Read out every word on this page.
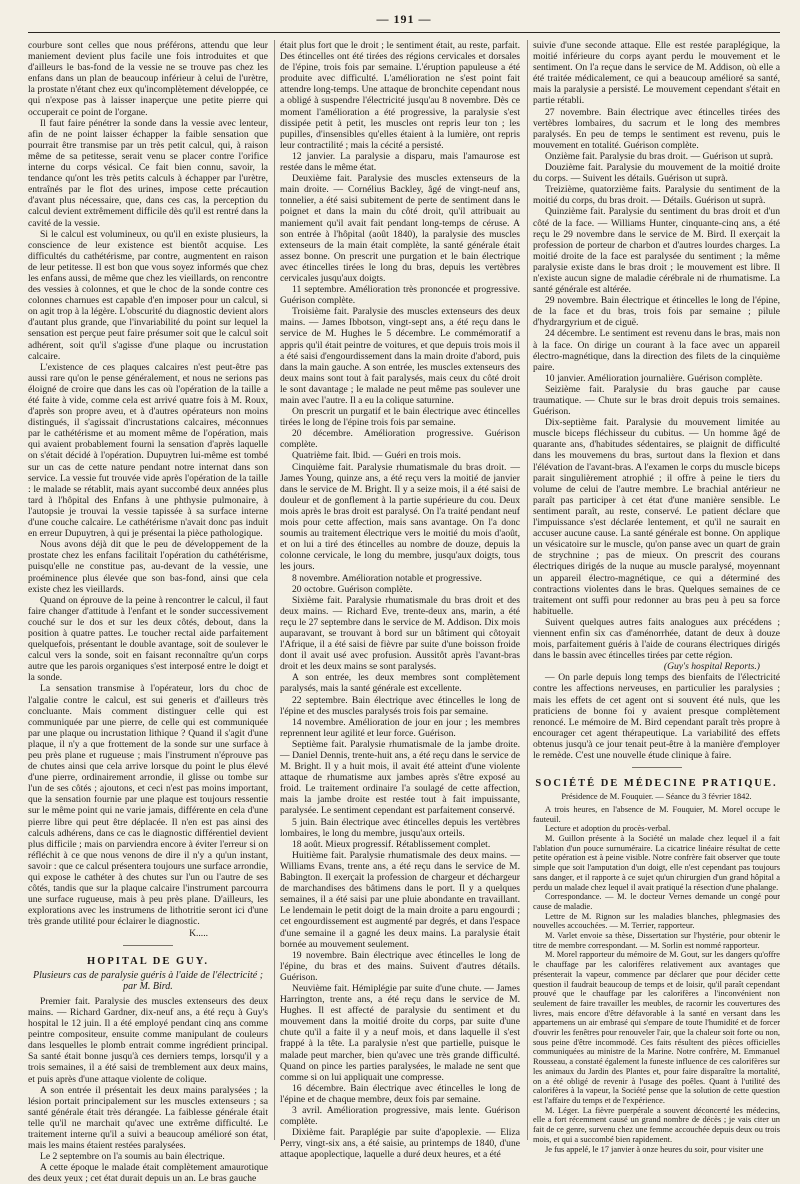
— 191 —

courbure sont celles que nous préférons, attendu que leur maniement devient plus facile une fois introduites et que d'ailleurs le bas-fond de la vessie ne se trouve pas chez les enfans dans un plan de beaucoup inférieur à celui de l'urètre, la prostate n'étant chez eux qu'incomplètement développée, ce qui n'expose pas à laisser inaperçue une petite pierre qui occuperait ce point de l'organe.

Il faut faire pénétrer la sonde dans la vessie avec lenteur, afin de ne point laisser échapper la faible sensation que pourrait être transmise par un très petit calcul, qui, à raison même de sa petitesse, serait venu se placer contre l'orifice interne du corps vésical. Ce fait bien connu, savoir, la tendance qu'ont les très petits calculs à échapper par l'urètre, entraînés par le flot des urines, impose cette précaution d'avant plus nécessaire, que, dans ces cas, la perception du calcul devient extrêmement difficile dès qu'il est rentré dans la cavité de la vessie.

Si le calcul est volumineux, ou qu'il en existe plusieurs, la conscience de leur existence est bientôt acquise. Les difficultés du cathétérisme, par contre, augmentent en raison de leur petitesse. Il est bon que vous soyez informés que chez les enfans aussi, de même que chez les vieillards, on rencontre des vessies à colonnes, et que le choc de la sonde contre ces colonnes charnues est capable d'en imposer pour un calcul, si on agit trop à la légère. L'obscurité du diagnostic devient alors d'autant plus grande, que l'invariabilité du point sur lequel la sensation est perçue peut faire présumer soit que le calcul soit adhérent, soit qu'il s'agisse d'une plaque ou incrustation calcaire.

L'existence de ces plaques calcaires n'est peut-être pas aussi rare qu'on le pense généralement, et nous ne serions pas éloigné de croire que dans les cas où l'opération de la taille a été faite à vide, comme cela est arrivé quatre fois à M. Roux, d'après son propre aveu, et à d'autres opérateurs non moins distingués, il s'agissait d'incrustations calcaires, méconnues par le cathétérisme et au moment même de l'opération, mais qui avaient probablement fourni la sensation d'après laquelle on s'était décidé à l'opération. Dupuytren lui-même est tombé sur un cas de cette nature pendant notre internat dans son service. La vessie fut trouvée vide après l'opération de la taille : le malade se rétablit, mais ayant succombé deux années plus tard à l'hôpital des Enfans à une phthysie pulmonaire, à l'autopsie je trouvai la vessie tapissée à sa surface interne d'une couche calcaire. Le cathétérisme n'avait donc pas induit en erreur Dupuytren, à qui je présentai la pièce pathologique.

Nous avons déjà dit que le peu de développement de la prostate chez les enfans facilitait l'opération du cathétérisme, puisqu'elle ne constitue pas, au-devant de la vessie, une proéminence plus élevée que son bas-fond, ainsi que cela existe chez les vieillards.

Quand on éprouve de la peine à rencontrer le calcul, il faut faire changer d'attitude à l'enfant et le sonder successivement couché sur le dos et sur les deux côtés, debout, dans la position à quatre pattes. Le toucher rectal aide parfaitement quelquefois, présentant le double avantage, soit de soulever le calcul vers la sonde, soit en faisant reconnaître qu'un corps autre que les parois organiques s'est interposé entre le doigt et la sonde.

La sensation transmise à l'opérateur, lors du choc de l'algalie contre le calcul, est sui generis et d'ailleurs très concluante. Mais comment distinguer celle qui est communiquée par une pierre, de celle qui est communiquée par une plaque ou incrustation lithique ? Quand il s'agit d'une plaque, il n'y a que frottement de la sonde sur une surface à peu près plane et rugueuse ; mais l'instrument n'éprouve pas de chutes ainsi que cela arrive lorsque du point le plus élevé d'une pierre, ordinairement arrondie, il glisse ou tombe sur l'un de ses côtés ; ajoutons, et ceci n'est pas moins important, que la sensation fournie par une plaque est toujours ressentie sur le même point qui ne varie jamais, différente en cela d'une pierre libre qui peut être déplacée. Il n'en est pas ainsi des calculs adhérens, dans ce cas le diagnostic différentiel devient plus difficile ; mais on parviendra encore à éviter l'erreur si on réfléchit à ce que nous venons de dire il n'y a qu'un instant, savoir : que ce calcul présentera toujours une surface arrondie, qui expose le cathéter à des chutes sur l'un ou l'autre de ses côtés, tandis que sur la plaque calcaire l'instrument parcourra une surface rugueuse, mais à peu près plane. D'ailleurs, les explorations avec les instrumens de lithotritie seront ici d'une très grande utilité pour éclairer le diagnostic.

K.....

HOPITAL DE GUY.

Plusieurs cas de paralysie guéris à l'aide de l'électricité ; par M. Bird.

Premier fait. Paralysie des muscles extenseurs des deux mains. — Richard Gardner, dix-neuf ans, a été reçu à Guy's hospital le 12 juin. Il a été employé pendant cinq ans comme peintre compositeur, ensuite comme manipulant de couleurs dans lesquelles le plomb entrait comme ingrédient principal. Sa santé était bonne jusqu'à ces derniers temps, lorsqu'il y a trois semaines, il a été saisi de tremblement aux deux mains, et puis après d'une attaque violente de colique.

A son entrée il présentait les deux mains paralysées ; la lésion portait principalement sur les muscles extenseurs ; sa santé générale était très dérangée. La faiblesse générale était telle qu'il ne marchait qu'avec une extrême difficulté. Le traitement interne qu'il a suivi a beaucoup amélioré son état, mais les mains étaient restées paralysées.

Le 2 septembre on l'a soumis au bain électrique.

A cette époque le malade était complètement amaurotique des deux yeux ; cet état durait depuis un an. Le bras gauche

était plus fort que le droit ; le sentiment était, au reste, parfait. Des étincelles ont été tirées des régions cervicales et dorsales de l'épine, trois fois par semaine. L'éruption papuleuse a été produite avec difficulté. L'amélioration ne s'est point fait attendre long-temps. Une attaque de bronchite cependant nous a obligé à suspendre l'électricité jusqu'au 8 novembre. Dès ce moment l'amélioration a été progressive, la paralysie s'est dissipée petit à petit, les muscles ont repris leur ton ; les pupilles, d'insensibles qu'elles étaient à la lumière, ont repris leur contractilité ; mais la cécité a persisté.

12 janvier. La paralysie a disparu, mais l'amaurose est restée dans le même état.

Deuxième fait. Paralysie des muscles extenseurs de la main droite. — Cornélius Backley, âgé de vingt-neuf ans, tonnelier, a été saisi subitement de perte de sentiment dans le poignet et dans la main du côté droit, qu'il attribuait au maniement qu'il avait fait pendant long-temps de céruse. A son entrée à l'hôpital (août 1840), la paralysie des muscles extenseurs de la main était complète, la santé générale était assez bonne. On prescrit une purgation et le bain électrique avec étincelles tirées le long du bras, depuis les vertèbres cervicales jusqu'aux doigts.

11 septembre. Amélioration très prononcée et progressive. Guérison complète.

Troisième fait. Paralysie des muscles extenseurs des deux mains. — James Ibbotson, vingt-sept ans, a été reçu dans le service de M. Hughes le 5 décembre. Le commémoratif a appris qu'il était peintre de voitures, et que depuis trois mois il a été saisi d'engourdissement dans la main droite d'abord, puis dans la main gauche. A son entrée, les muscles extenseurs des deux mains sont tout à fait paralysés, mais ceux du côté droit le sont davantage ; le malade ne peut même pas soulever une main avec l'autre. Il a eu la colique saturnine.

On prescrit un purgatif et le bain électrique avec étincelles tirées le long de l'épine trois fois par semaine.

20 décembre. Amélioration progressive. Guérison complète.

Quatrième fait. Ibid. — Guéri en trois mois.

Cinquième fait. Paralysie rhumatismale du bras droit. — James Young, quinze ans, a été reçu vers la moitié de janvier dans le service de M. Bright. Il y a seize mois, il a été saisi de douleur et de gonflement à la partie supérieure du cou. Deux mois après le bras droit est paralysé. On l'a traité pendant neuf mois pour cette affection, mais sans avantage. On l'a donc soumis au traitement électrique vers le moitié du mois d'août, et on lui a tiré des étincelles au nombre de douze, depuis la colonne cervicale, le long du membre, jusqu'aux doigts, tous les jours.

8 novembre. Amélioration notable et progressive.

20 octobre. Guérison complète.

Sixième fait. Paralysie rhumatismale du bras droit et des deux mains. — Richard Eve, trente-deux ans, marin, a été reçu le 27 septembre dans le service de M. Addison. Dix mois auparavant, se trouvant à bord sur un bâtiment qui côtoyait l'Afrique, il a été saisi de fièvre par suite d'une boisson froide dont il avait usé avec profusion. Aussitôt après l'avant-bras droit et les deux mains se sont paralysés.

A son entrée, les deux membres sont complètement paralysés, mais la santé générale est excellente.

22 septembre. Bain électrique avec étincelles le long de l'épine et des muscles paralysés trois fois par semaine.

14 novembre. Amélioration de jour en jour ; les membres reprennent leur agilité et leur force. Guérison.

Septième fait. Paralysie rhumatismale de la jambe droite. — Daniel Dennis, trente-huit ans, a été reçu dans le service de M. Bright. Il y a huit mois, il avait été atteint d'une violente attaque de rhumatisme aux jambes après s'être exposé au froid. Le traitement ordinaire l'a soulagé de cette affection, mais la jambe droite est restée tout à fait impuissante, paralysée. Le sentiment cependant est parfaitement conservé.

5 juin. Bain électrique avec étincelles depuis les vertèbres lombaires, le long du membre, jusqu'aux orteils.

18 août. Mieux progressif. Rétablissement complet.

Huitième fait. Paralysie rhumatismale des deux mains. — Williams Evans, trente ans, a été reçu dans le service de M. Babington. Il exerçait la profession de chargeur et déchargeur de marchandises des bâtimens dans le port. Il y a quelques semaines, il a été saisi par une pluie abondante en travaillant. Le lendemain le petit doigt de la main droite a paru engourdi ; cet engourdissement est augmenté par degrés, et dans l'espace d'une semaine il a gagné les deux mains. La paralysie était bornée au mouvement seulement.

19 novembre. Bain électrique avec étincelles le long de l'épine, du bras et des mains. Suivent d'autres détails. Guérison.

Neuvième fait. Hémiplégie par suite d'une chute. — James Harrington, trente ans, a été reçu dans le service de M. Hughes. Il est affecté de paralysie du sentiment et du mouvement dans la moitié droite du corps, par suite d'une chute qu'il a faite il y a neuf mois, et dans laquelle il s'est frappé à la tête. La paralysie n'est que partielle, puisque le malade peut marcher, bien qu'avec une très grande difficulté. Quand on pince les parties paralysées, le malade ne sent que comme si on lui appliquait une compresse.

16 décembre. Bain électrique avec étincelles le long de l'épine et de chaque membre, deux fois par semaine.

3 avril. Amélioration progressive, mais lente. Guérison complète.

Dixième fait. Paraplégie par suite d'apoplexie. — Eliza Perry, vingt-six ans, a été saisie, au printemps de 1840, d'une attaque apoplectique, laquelle a duré deux heures, et a été

suivie d'une seconde attaque. Elle est restée paraplégique, la moitié inférieure du corps ayant perdu le mouvement et le sentiment. On l'a reçue dans le service de M. Addison, où elle a été traitée médicalement, ce qui a beaucoup amélioré sa santé, mais la paralysie a persisté. Le mouvement cependant s'était en partie rétabli.

27 novembre. Bain électrique avec étincelles tirées des vertèbres lombaires, du sacrum et le long des membres paralysés. En peu de temps le sentiment est revenu, puis le mouvement en totalité. Guérison complète.

Onzième fait. Paralysie du bras droit. — Guérison ut suprà.

Douzième fait. Paralysie du mouvement de la moitié droite du corps. — Suivent les détails. Guérison ut suprà.

Treizième, quatorzième faits. Paralysie du sentiment de la moitié du corps, du bras droit. — Détails. Guérison ut suprà.

Quinzième fait. Paralysie du sentiment du bras droit et d'un côté de la face. — Williams Hunter, cinquante-cinq ans, a été reçu le 29 novembre dans le service de M. Bird. Il exerçait la profession de porteur de charbon et d'autres lourdes charges. La moitié droite de la face est paralysée du sentiment ; la même paralysie existe dans le bras droit ; le mouvement est libre. Il n'existe aucun signe de maladie cérébrale ni de rhumatisme. La santé générale est altérée.

29 novembre. Bain électrique et étincelles le long de l'épine, de la face et du bras, trois fois par semaine ; pilule d'hydrargyrium et de ciguë.

24 décembre. Le sentiment est revenu dans le bras, mais non à la face. On dirige un courant à la face avec un appareil électro-magnétique, dans la direction des filets de la cinquième paire.

10 janvier. Amélioration journalière. Guérison complète.

Seizième fait. Paralysie du bras gauche par cause traumatique. — Chute sur le bras droit depuis trois semaines. Guérison.

Dix-septième fait. Paralysie du mouvement limitée au muscle biceps fléchisseur du cubitus. — Un homme âgé de quarante ans, d'habitudes sédentaires, se plaignit de difficulté dans les mouvemens du bras, surtout dans la flexion et dans l'élévation de l'avant-bras. A l'examen le corps du muscle biceps parait singulièrement atrophié ; il offre à peine le tiers du volume de celui de l'autre membre. Le brachial antérieur ne paraît pas participer à cet état d'une manière sensible. Le sentiment paraît, au reste, conservé. Le patient déclare que l'impuissance s'est déclarée lentement, et qu'il ne saurait en accuser aucune cause. La santé générale est bonne. On applique un vésicatoire sur le muscle, qu'on panse avec un quart de grain de strychnine ; pas de mieux. On prescrit des courans électriques dirigés de la nuque au muscle paralysé, moyennant un appareil électro-magnétique, ce qui a déterminé des contractions violentes dans le bras. Quelques semaines de ce traitement ont suffi pour redonner au bras peu à peu sa force habituelle.

Suivent quelques autres faits analogues aux précédens ; viennent enfin six cas d'aménorrhée, datant de deux à douze mois, parfaitement guéris à l'aide de courans électriques dirigés dans le bassin avec étincelles tirées par cette région.

(Guy's hospital Reports.)

— On parle depuis long temps des bienfaits de l'électricité contre les affections nerveuses, en particulier les paralysies ; mais les effets de cet agent ont si souvent été nuls, que les praticiens de bonne foi y avaient presque complètement renoncé. Le mémoire de M. Bird cependant paraît très propre à encourager cet agent thérapeutique. La variabilité des effets obtenus jusqu'à ce jour tenait peut-être à la manière d'employer le remède. C'est une nouvelle étude clinique à faire.

SOCIÉTÉ DE MÉDECINE PRATIQUE.

Présidence de M. Fouquier. — Séance du 3 février 1842.

A trois heures, en l'absence de M. Fouquier, M. Morel occupe le fauteuil.

Lecture et adoption du procès-verbal.

M. Guillon présente à la Société un malade chez lequel il a fait l'ablation d'un pouce surnuméraire. La cicatrice linéaire résultat de cette petite opération est à peine visible. Notre confrère fait observer que toute simple que soit l'amputation d'un doigt, elle n'est cependant pas toujours sans danger, et il rapporte à ce sujet qu'un chirurgien d'un grand hôpital a perdu un malade chez lequel il avait pratiqué la résection d'une phalange.

Correspondance. — M. le docteur Vernes demande un congé pour cause de maladie.

Lettre de M. Rignon sur les maladies blanches, phlegmasies des nouvelles accouchées. — M. Terrier, rapporteur.

M. Varlet envoie sa thèse, Dissertation sur l'hystérie, pour obtenir le titre de membre correspondant. — M. Sorlin est nommé rapporteur.

M. Morel rapporteur du mémoire de M. Gout, sur les dangers qu'offre le chauffage par les calorifères relativement aux avantages que présenterait la vapeur, commence par déclarer que pour décider cette question il faudrait beaucoup de temps et de loisir, qu'il paraît cependant prouvé que le chauffage par les calorifères a l'inconvénient non seulement de faire travailler les meubles, de racornir les couvertures des livres, mais encore d'être défavorable à la santé en versant dans les appartemens un air embrasé qui s'empare de toute l'humidité et de forcer d'ouvrir les fenêtres pour renouveler l'air, que la chaleur soit forte ou non, sous peine d'être incommodé. Ces faits résultent des pièces officielles communiquées au ministre de la Marine. Notre confrère, M. Emmanuel Rousseau, a constaté également la funeste influence de ces calorifères sur les animaux du Jardin des Plantes et, pour faire disparaître la mortalité, on a été obligé de revenir à l'usage des poêles. Quant à l'utilité des calorifères à la vapeur, la Société pense que la solution de cette question est l'affaire du temps et de l'expérience.

M. Léger. La fièvre puerpérale a souvent déconcerté les médecins, elle a fort récemment causé un grand nombre de décès ; je vais citer un fait de ce genre, survenu chez une femme accouchée depuis deux ou trois mois, et qui a succombé bien rapidement.

Je fus appelé, le 17 janvier à onze heures du soir, pour visiter une
